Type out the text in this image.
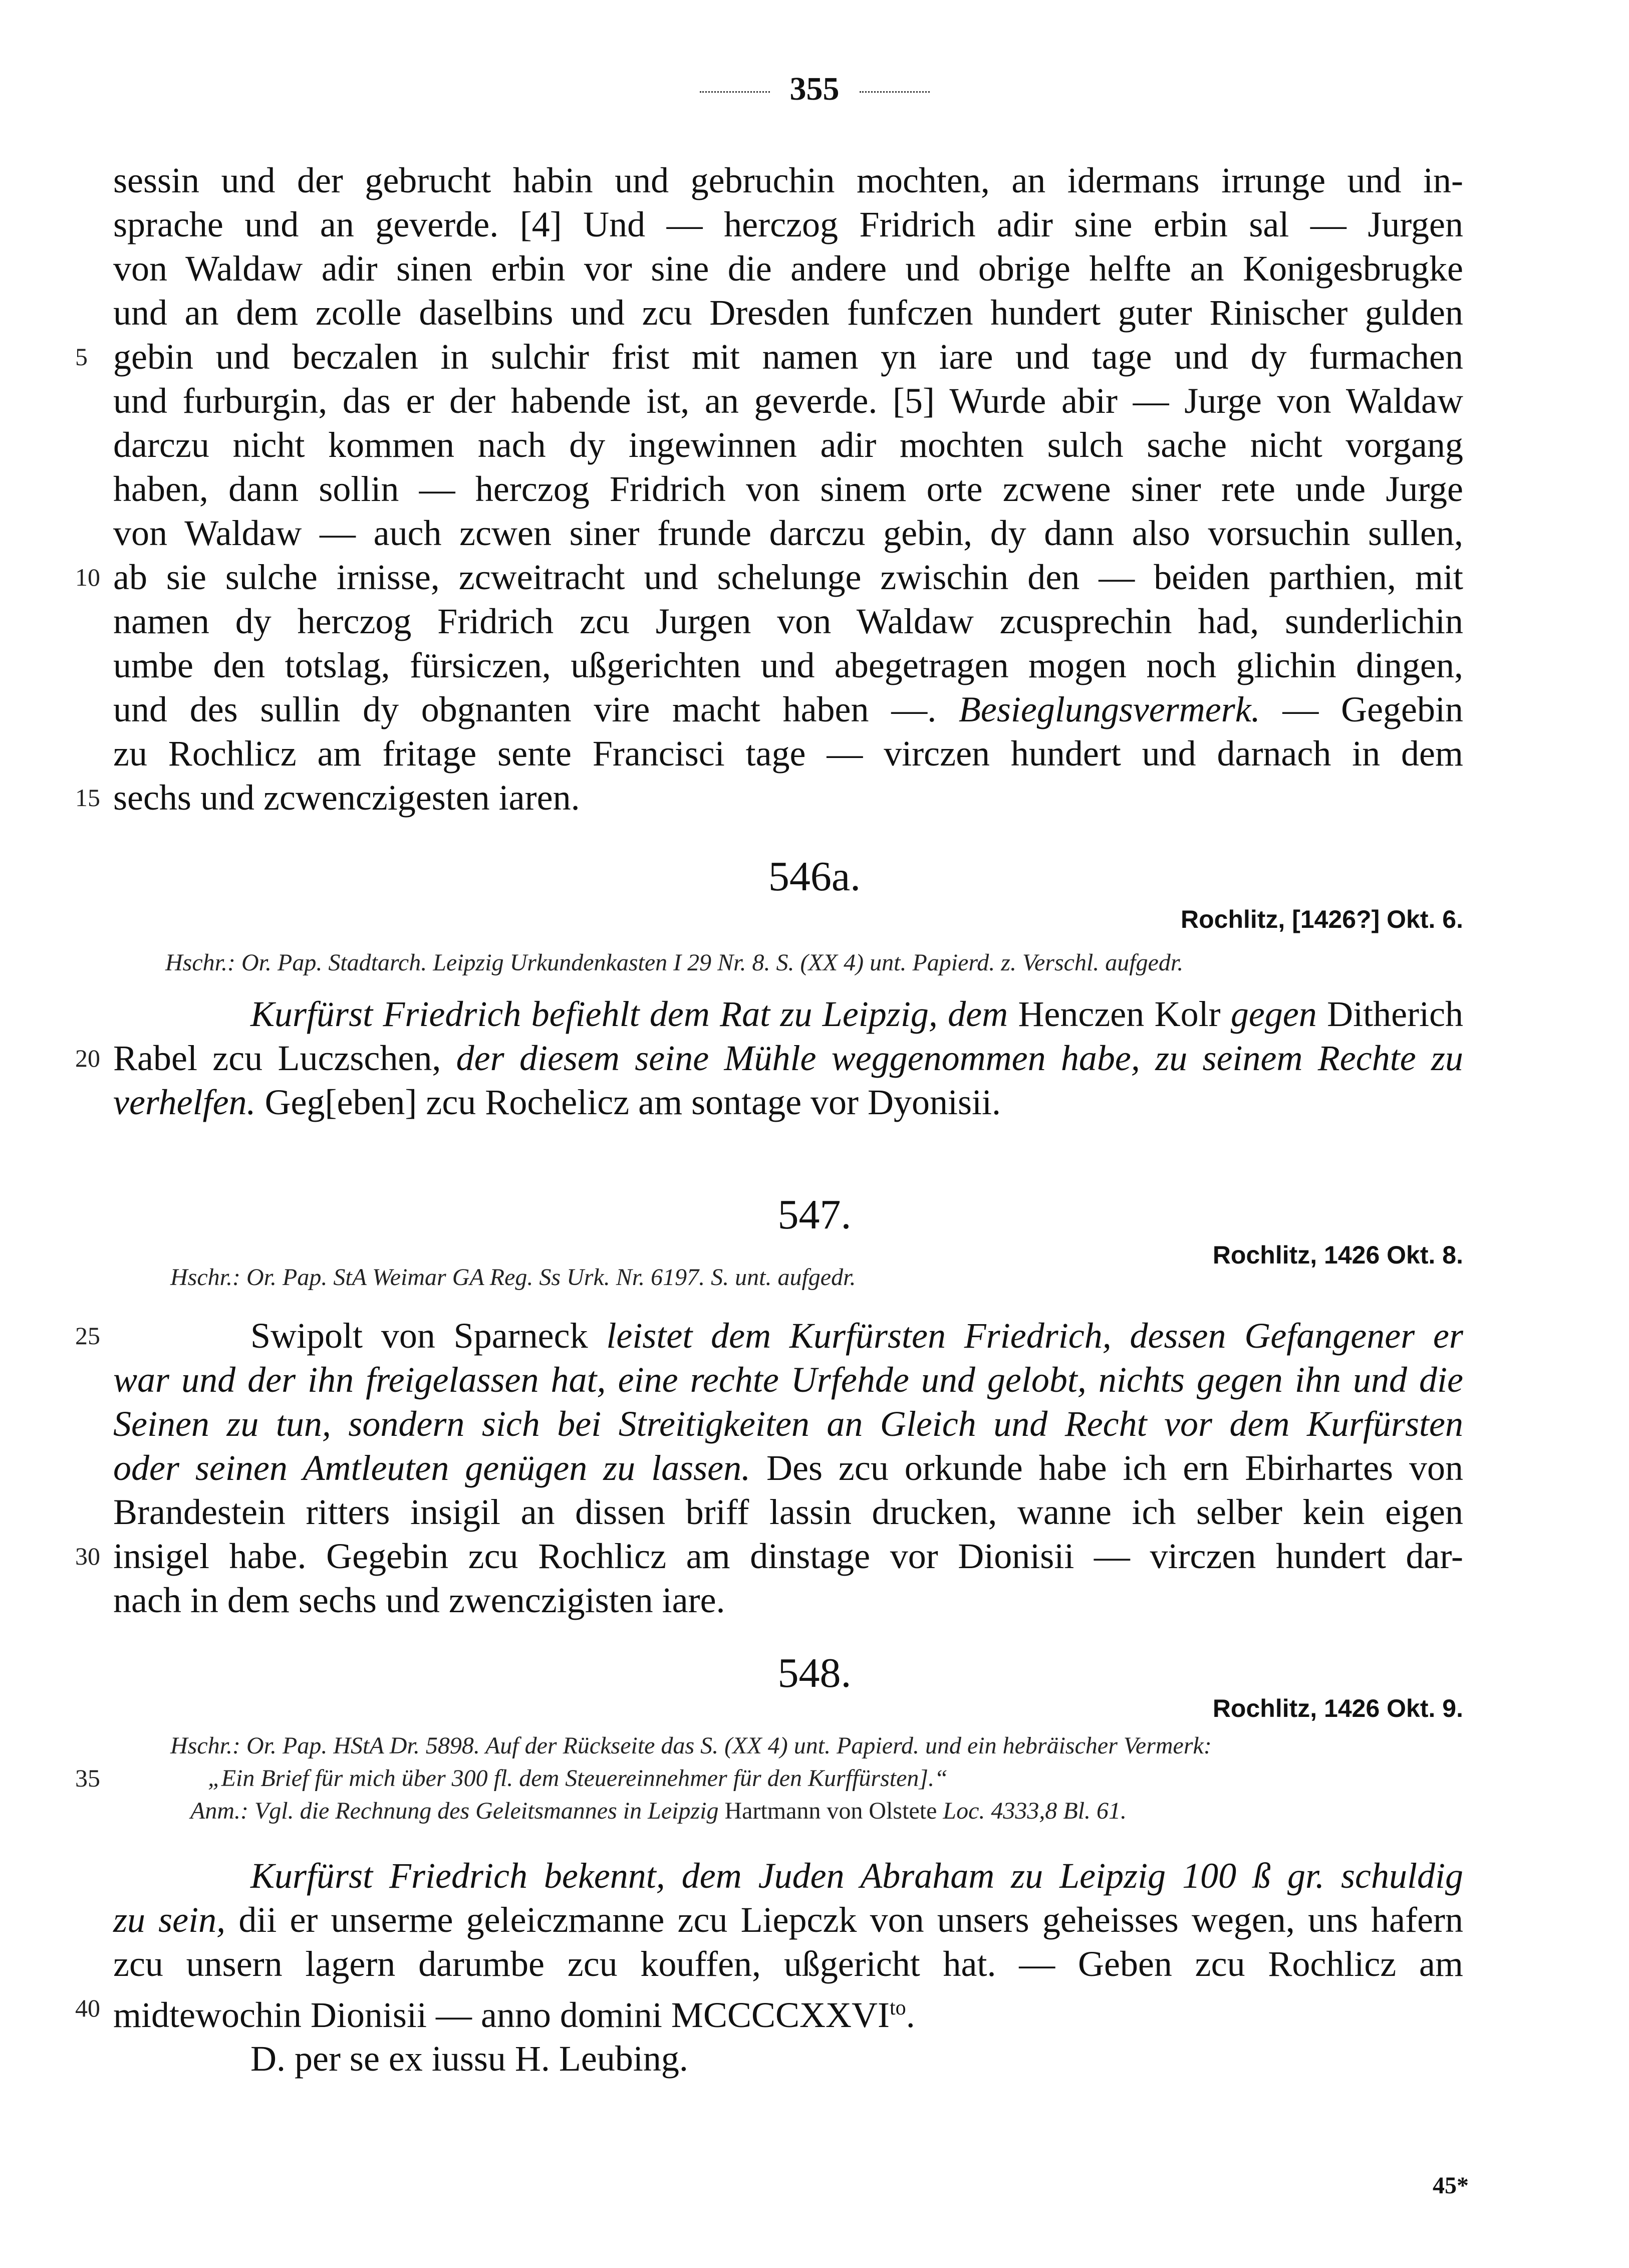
355
sessin und der gebrucht habin und gebruchin mochten, an idermans irrunge und in-
sprache und an geverde. [4] Und — herczog Fridrich adir sine erbin sal — Jurgen
von Waldaw adir sinen erbin vor sine die andere und obrige helfte an Konigesbrugke
und an dem zcolle daselbins und zcu Dresden funfczen hundert guter Rinischer gulden
5 gebin und beczalen in sulchir frist mit namen yn iare und tage und dy furmachen
und furburgin, das er der habende ist, an geverde. [5] Wurde abir — Jurge von Waldaw
darczu nicht kommen nach dy ingewinnen adir mochten sulch sache nicht vorgang
haben, dann sollin — herczog Fridrich von sinem orte zcwene siner rete unde Jurge
von Waldaw — auch zcwen siner frunde darczu gebin, dy dann also vorsuchin sullen,
10 ab sie sulche irnisse, zcweitracht und schelunge zwischin den — beiden parthien, mit
namen dy herczog Fridrich zcu Jurgen von Waldaw zcusprechin had, sunderlichin
umbe den totslag, fürsiczen, ußgerichten und abegetragen mogen noch glichin dingen,
und des sullin dy obgnanten vire macht haben —. Besieglungsvermerk. — Gegebin
zu Rochlicz am fritage sente Francisci tage — virczen hundert und darnach in dem
15 sechs und zcwenczigesten iaren.
546a.
Rochlitz, [1426?] Okt. 6.
Hschr.: Or. Pap. Stadtarch. Leipzig Urkundenkasten I 29 Nr. 8. S. (XX 4) unt. Papierd. z. Verschl. aufgedr.
Kurfürst Friedrich befiehlt dem Rat zu Leipzig, dem Henczen Kolr gegen Ditherich
20 Rabel zcu Luczschen, der diesem seine Mühle weggenommen habe, zu seinem Rechte zu
verhelfen. Geg[eben] zcu Rochelicz am sontage vor Dyonisii.
547.
Rochlitz, 1426 Okt. 8.
Hschr.: Or. Pap. StA Weimar GA Reg. Ss Urk. Nr. 6197. S. unt. aufgedr.
25	Swipolt von Sparneck leistet dem Kurfürsten Friedrich, dessen Gefangener er
war und der ihn freigelassen hat, eine rechte Urfehde und gelobt, nichts gegen ihn und die
Seinen zu tun, sondern sich bei Streitigkeiten an Gleich und Recht vor dem Kurfürsten
oder seinen Amtleuten genügen zu lassen. Des zcu orkunde habe ich ern Ebirhartes von
Brandestein ritters insigil an dissen briff lassin drucken, wanne ich selber kein eigen
30 insigel habe. Gegebin zcu Rochlicz am dinstage vor Dionisii — virczen hundert dar-
nach in dem sechs und zwenczigisten iare.
548.
Rochlitz, 1426 Okt. 9.
Hschr.: Or. Pap. HStA Dr. 5898. Auf der Rückseite das S. (XX 4) unt. Papierd. und ein hebräischer Vermerk:
35	„Ein Brief für mich über 300 fl. dem Steuereinnehmer für den Kurffürsten].“
Anm.: Vgl. die Rechnung des Geleitsmannes in Leipzig Hartmann von Olstete Loc. 4333,8 Bl. 61.
Kurfürst Friedrich bekennt, dem Juden Abraham zu Leipzig 100 ß gr. schuldig
zu sein, dii er unserme geleiczmanne zcu Liepczk von unsers geheisses wegen, uns hafern
zcu unsern lagern darumbe zcu kouffen, ußgericht hat. — Geben zcu Rochlicz am
40 midtewochin Dionisii — anno domini $MCCCCXXVI^{to}$.
D. per se ex iussu H. Leubing.
45*
